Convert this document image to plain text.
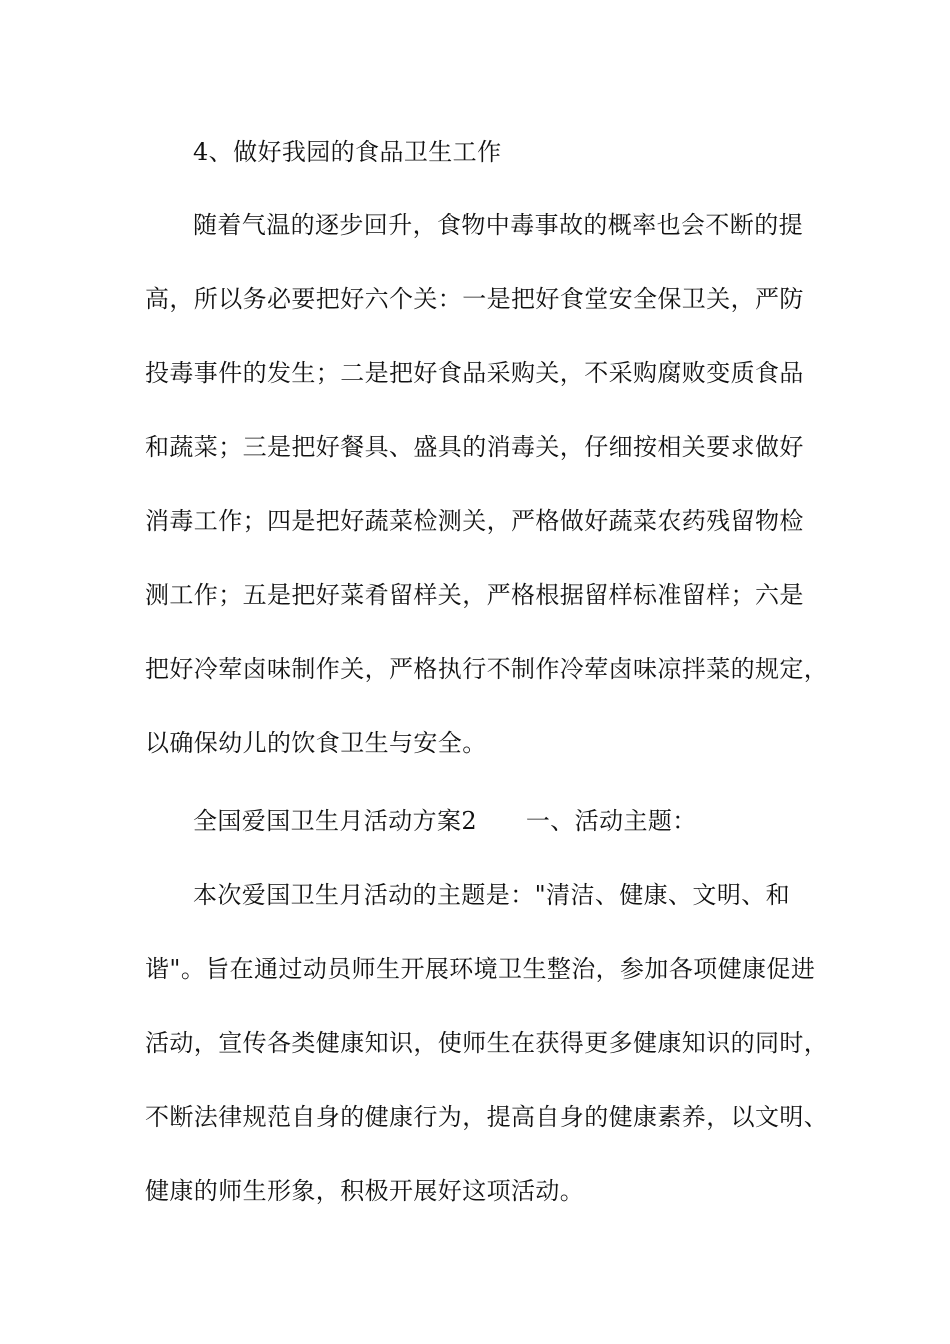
4、做好我园的食品卫生工作
随着气温的逐步回升，食物中毒事故的概率也会不断的提
高，所以务必要把好六个关：一是把好食堂安全保卫关，严防
投毒事件的发生；二是把好食品采购关，不采购腐败变质食品
和蔬菜；三是把好餐具、盛具的消毒关，仔细按相关要求做好
消毒工作；四是把好蔬菜检测关，严格做好蔬菜农药残留物检
测工作；五是把好菜肴留样关，严格根据留样标准留样；六是
把好冷荤卤味制作关，严格执行不制作冷荤卤味凉拌菜的规定，
以确保幼儿的饮食卫生与安全。
全国爱国卫生月活动方案2　　一、活动主题：
本次爱国卫生月活动的主题是："清洁、健康、文明、和
谐"。旨在通过动员师生开展环境卫生整治，参加各项健康促进
活动，宣传各类健康知识，使师生在获得更多健康知识的同时，
不断法律规范自身的健康行为，提高自身的健康素养，以文明、
健康的师生形象，积极开展好这项活动。
